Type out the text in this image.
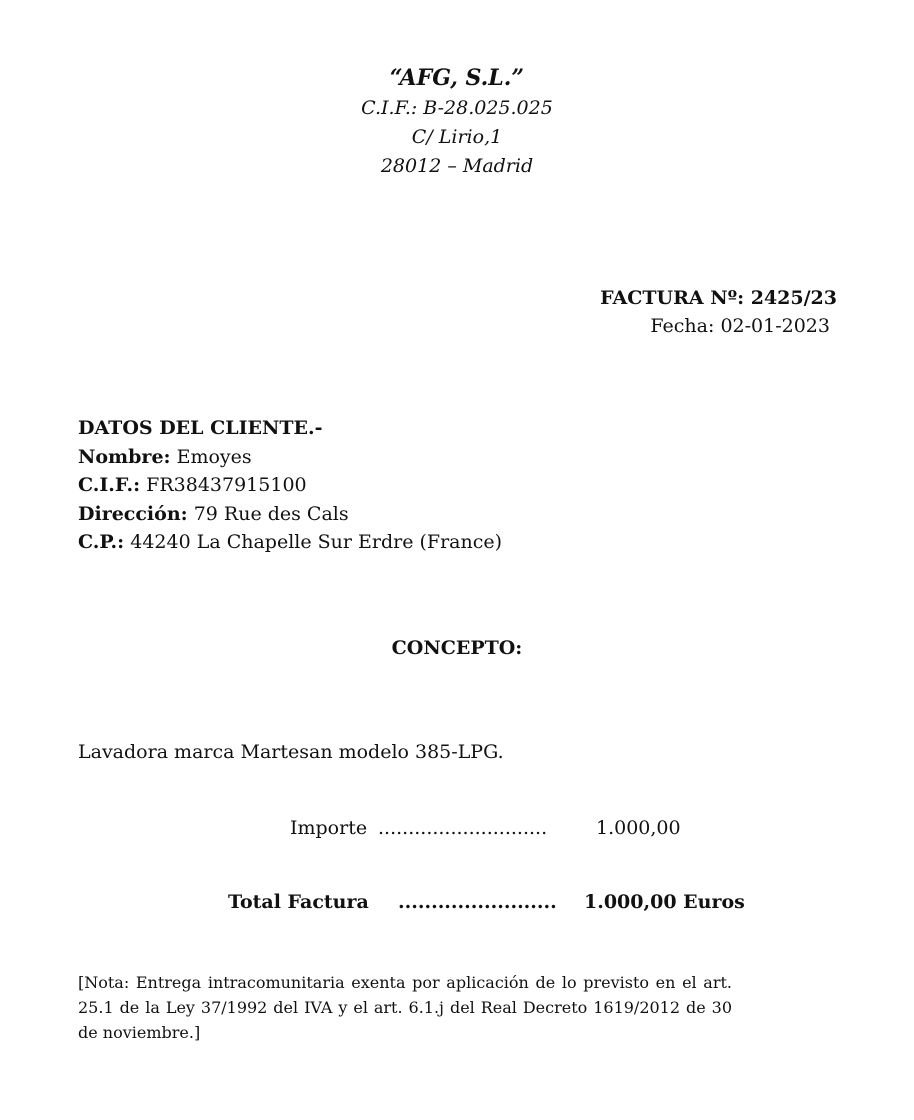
“AFG, S.L.”
C.I.F.: B-28.025.025
C/ Lirio,1
28012 – Madrid
FACTURA Nº: 2425/23
Fecha: 02-01-2023
DATOS DEL CLIENTE.-
Nombre: Emoyes
C.I.F.: FR38437915100
Dirección: 79 Rue des Cals
C.P.: 44240 La Chapelle Sur Erdre (France)
CONCEPTO:
Lavadora marca Martesan modelo 385-LPG.
Importe ............................	1.000,00
Total Factura ........................ 1.000,00 Euros
[Nota: Entrega intracomunitaria exenta por aplicación de lo previsto en el art. 25.1 de la Ley 37/1992 del IVA y el art. 6.1.j del Real Decreto 1619/2012 de 30 de noviembre.]
